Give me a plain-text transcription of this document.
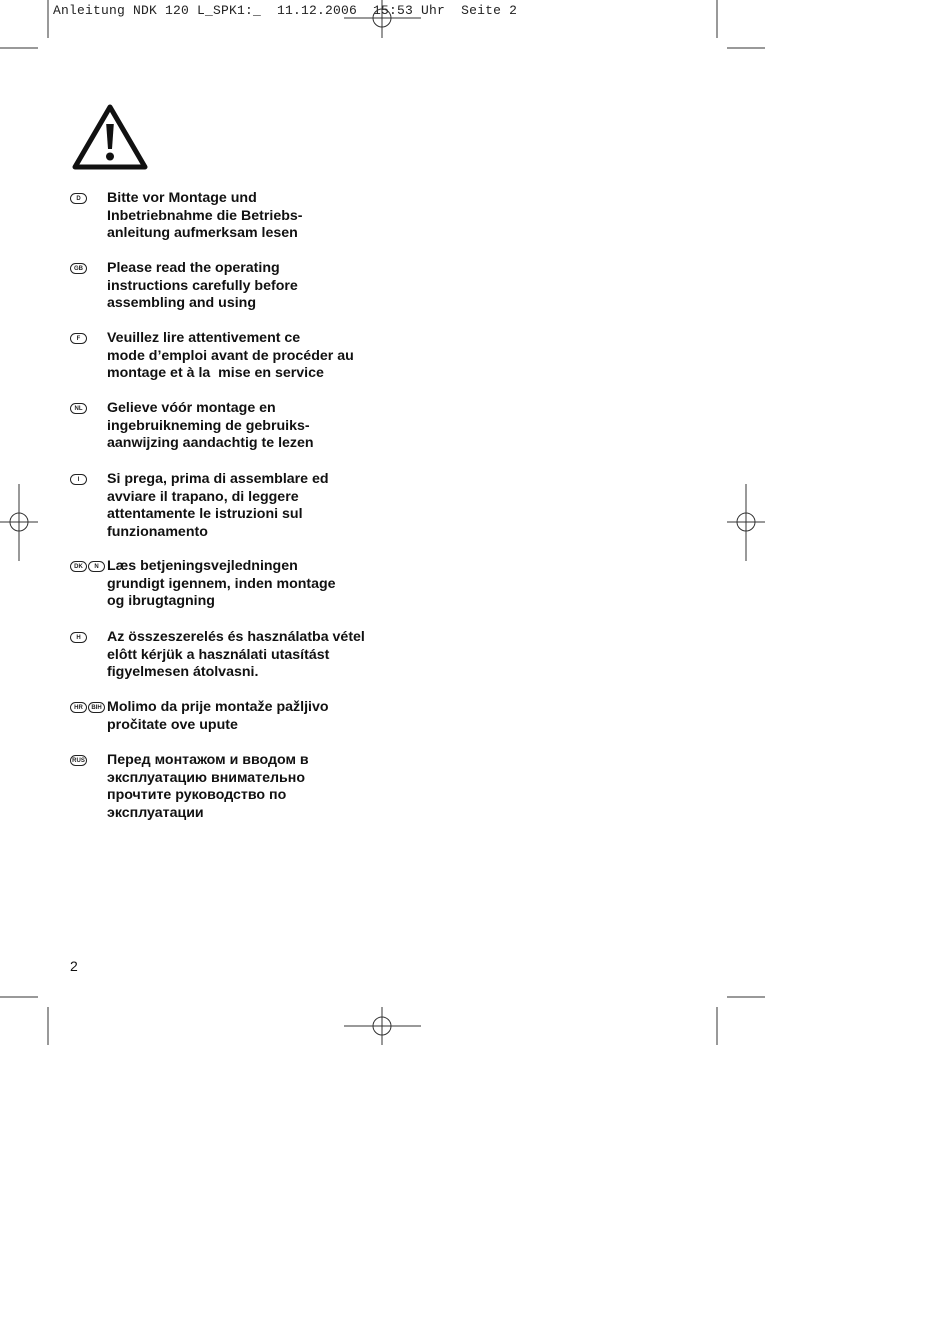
Anleitung NDK 120 L_SPK1:_  11.12.2006  15:53 Uhr  Seite 2
D	Bitte vor Montage und
Inbetriebnahme die Betriebs-
anleitung aufmerksam lesen

GB Please read the operating
instructions carefully before
assembling and using

F	Veuillez lire attentivement ce
mode d’emploi avant de procéder au
montage et à la  mise en service

NL	Gelieve vóór montage en
ingebruikneming de gebruiks-
aanwijzing aandachtig te lezen

I	Si prega, prima di assemblare ed
avviare il trapano, di leggere
attentamente le istruzioni sul
funzionamento

DK	N Læs betjeningsvejledningen
grundigt igennem, inden montage
og ibrugtagning

H	Az összeszerelés és használatba vétel
elôtt kérjük a használati utasítást
figyelmesen átolvasni.

HR	BIH Molimo da prije montaže pažljivo
pročitate ove upute

RUS Перед монтажом и вводом в
эксплуатацию внимательно
прочтите руководство по
эксплуатации

2
